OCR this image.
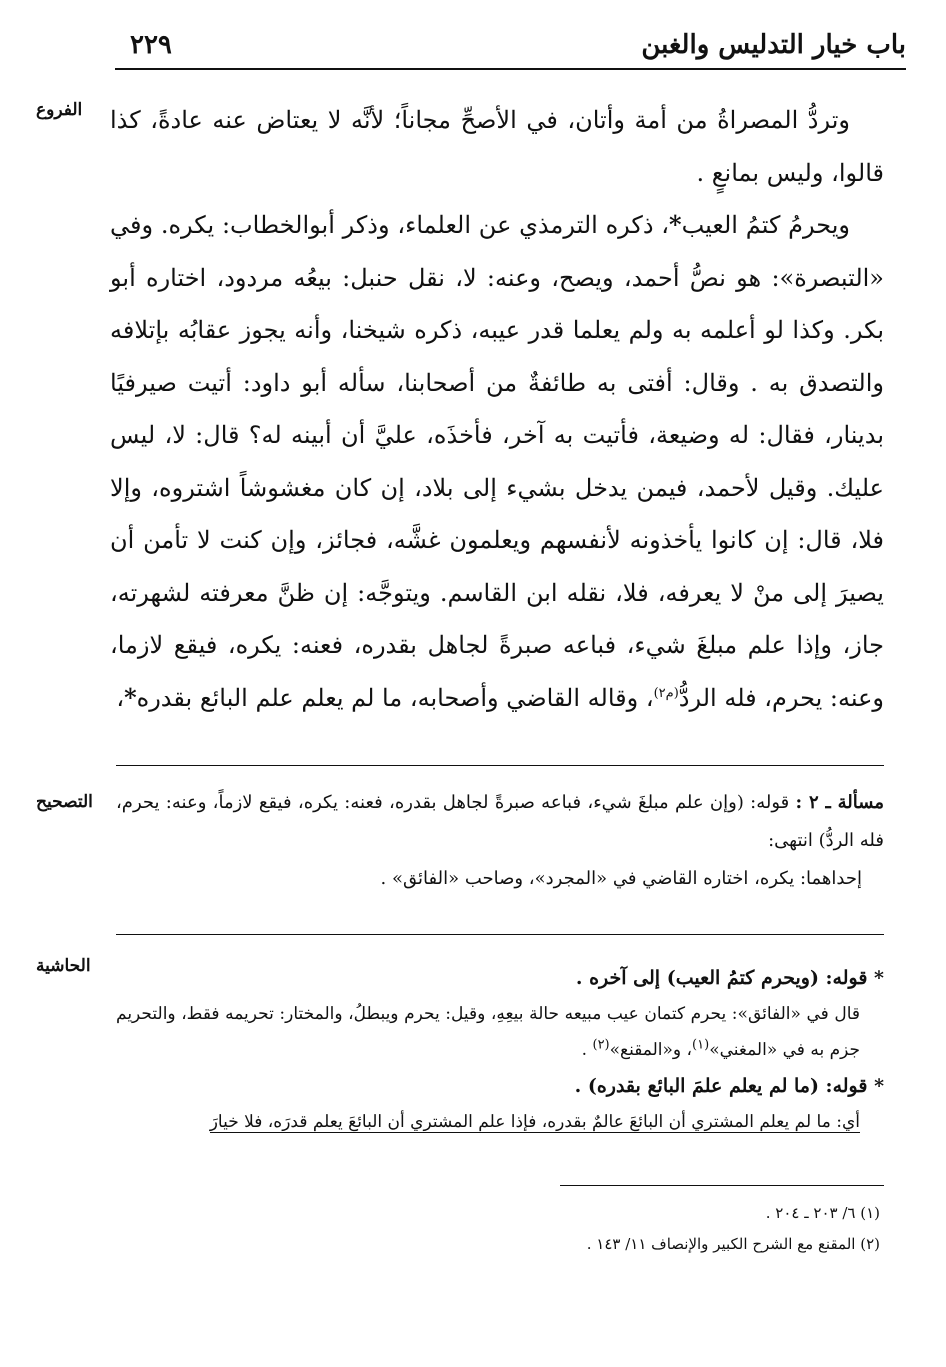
باب خيار التدليس والغبن
٢٢٩
الفروع
التصحيح
الحاشية

وتردُّ المصراةُ من أمة وأتان، في الأصحِّ مجاناً؛ لأنَّه لا يعتاض عنه عادةً، كذا قالوا، وليس بمانعٍ .

ويحرمُ كتمُ العيب*، ذكره الترمذي عن العلماء، وذكر أبوالخطاب: يكره. وفي «التبصرة»: هو نصُّ أحمد، ويصح، وعنه: لا، نقل حنبل: بيعُه مردود، اختاره أبو بكر. وكذا لو أعلمه به ولم يعلما قدر عيبه، ذكره شيخنا، وأنه يجوز عقابُه بإتلافه والتصدق به . وقال: أفتى به طائفةٌ من أصحابنا، سأله أبو داود: أتيت صيرفيًا بدينار، فقال: له وضيعة، فأتيت به آخر، فأخذَه، عليَّ أن أبينه له؟ قال: لا، ليس عليك. وقيل لأحمد، فيمن يدخل بشيء إلى بلاد، إن كان مغشوشاً اشتروه، وإلا فلا، قال: إن كانوا يأخذونه لأنفسهم ويعلمون غشَّه، فجائز، وإن كنت لا تأمن أن يصيرَ إلى منْ لا يعرفه، فلا، نقله ابن القاسم. ويتوجَّه: إن ظنَّ معرفته لشهرته، جاز، وإذا علم مبلغَ شيء، فباعه صبرةً لجاهل بقدره، فعنه: يكره، فيقع لازما، وعنه: يحرم، فله الردُّ$^{(م٢)}$، وقاله القاضي وأصحابه، ما لم يعلم علم البائع بقدره*،

مسألة ـ ٢ : قوله: (وإن علم مبلغَ شيء، فباعه صبرةً لجاهل بقدره، فعنه: يكره، فيقع لازماً، وعنه: يحرم، فله الردُّ) انتهى:

إحداهما: يكره، اختاره القاضي في «المجرد»، وصاحب «الفائق» .

* قوله: (ويحرم كتمُ العيب) إلى آخره .

قال في «الفائق»: يحرم كتمان عيب مبيعه حالة بيعِهِ، وقيل: يحرم ويبطلُ، والمختار: تحريمه فقط، والتحريم جزم به في «المغني»$^{(١)}$، و«المقنع»$^{(٢)}$ .

* قوله: (ما لم يعلم علمَ البائع بقدره) .

أي: ما لم يعلم المشتري أن البائعَ عالمٌ بقدره، فإذا علم المشتري أن البائعَ يعلم قدرَه، فلا خيارَ

(١) ٦/ ٢٠٣ ـ ٢٠٤ .

(٢) المقنع مع الشرح الكبير والإنصاف ١١/ ١٤٣ .
